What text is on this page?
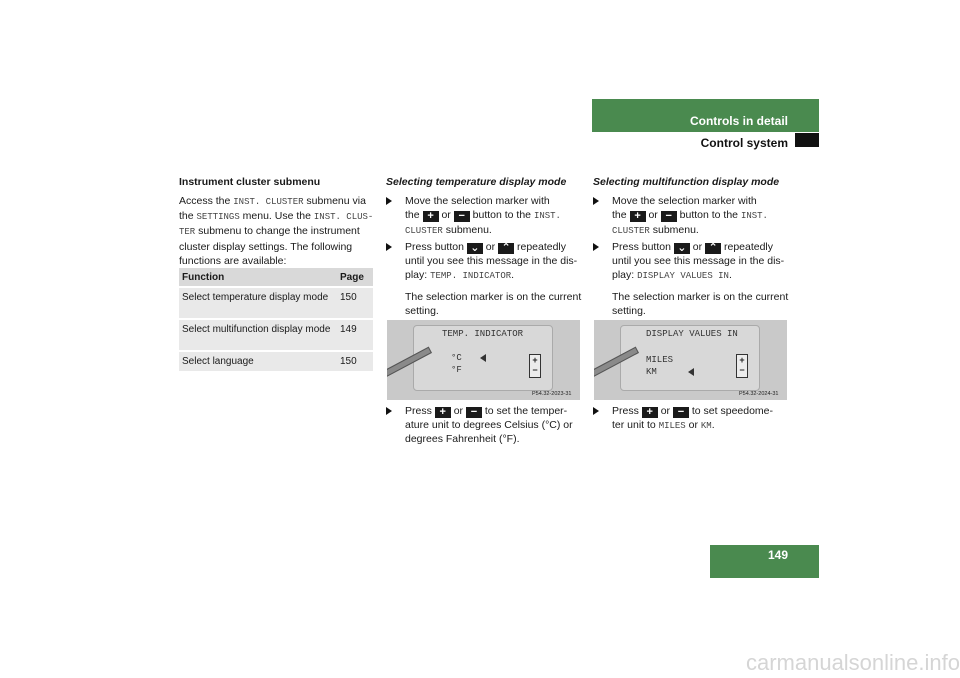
Controls in detail
Control system
Instrument cluster submenu
Access the INST. CLUSTER submenu via
the SETTINGS menu. Use the INST. CLUS-
TER submenu to change the instrument
cluster display settings. The following
functions are available:
Function	Page
Select temperature display mode	150
Select multifunction display mode	149
Select language	150
Selecting temperature display mode
Move the selection marker with
the + or − button to the INST.
CLUSTER submenu.
Press button ⌄ or ⌃ repeatedly
until you see this message in the dis-
play: TEMP. INDICATOR.
The selection marker is on the current
setting.
TEMP. INDICATOR
°C
°F
+
−
P54.32-2023-31
Press + or − to set the temper-
ature unit to degrees Celsius (°C) or
degrees Fahrenheit (°F).
Selecting multifunction display mode
Move the selection marker with
the + or − button to the INST.
CLUSTER submenu.
Press button ⌄ or ⌃ repeatedly
until you see this message in the dis-
play: DISPLAY VALUES IN.
The selection marker is on the current
setting.
DISPLAY VALUES IN
MILES
KM
+
−
P54.32-2024-31
Press + or − to set speedome-
ter unit to MILES or KM.
149
carmanualsonline.info
